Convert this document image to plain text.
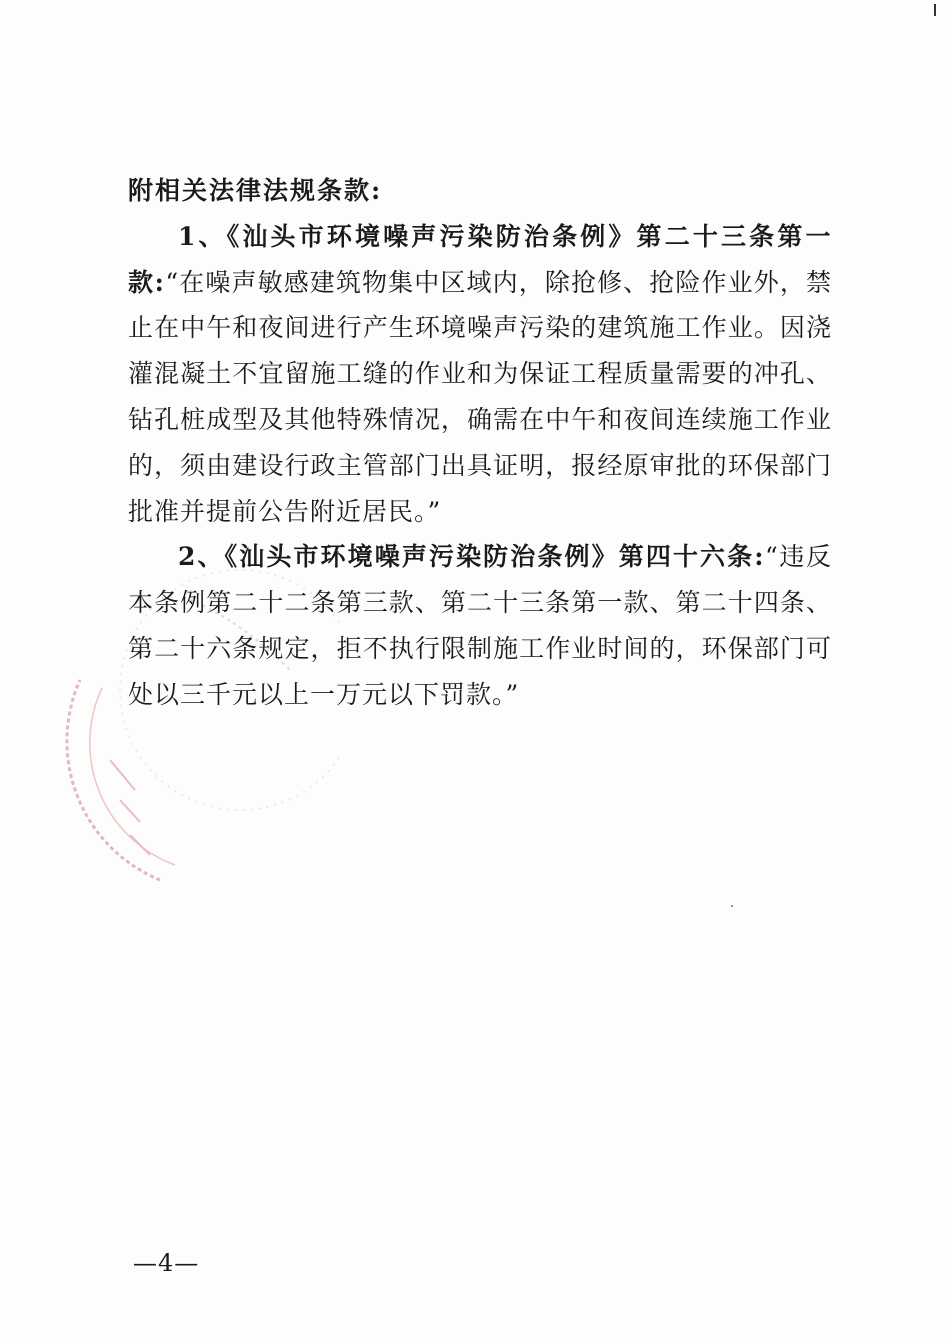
附相关法律法规条款:

1、《汕头市环境噪声污染防治条例》第二十三条第一款:“在噪声敏感建筑物集中区域内，除抢修、抢险作业外，禁止在中午和夜间进行产生环境噪声污染的建筑施工作业。因浇灌混凝土不宜留施工缝的作业和为保证工程质量需要的冲孔、钻孔桩成型及其他特殊情况，确需在中午和夜间连续施工作业的，须由建设行政主管部门出具证明，报经原审批的环保部门批准并提前公告附近居民。”

2、《汕头市环境噪声污染防治条例》第四十六条:“违反本条例第二十二条第三款、第二十三条第一款、第二十四条、第二十六条规定，拒不执行限制施工作业时间的，环保部门可处以三千元以上一万元以下罚款。”

—4—
